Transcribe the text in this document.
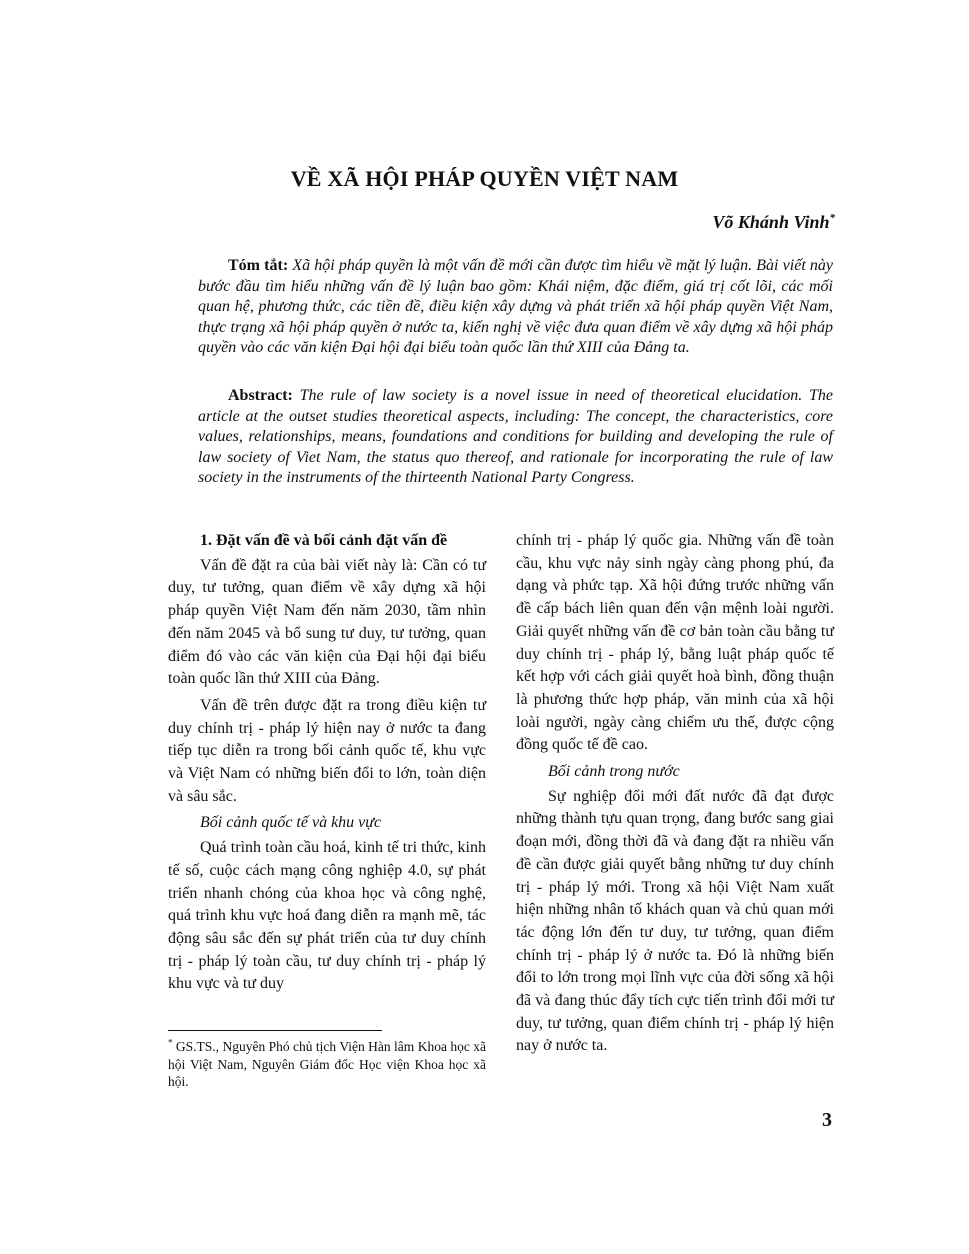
VỀ XÃ HỘI PHÁP QUYỀN VIỆT NAM
Võ Khánh Vinh*
Tóm tắt: Xã hội pháp quyền là một vấn đề mới cần được tìm hiểu về mặt lý luận. Bài viết này bước đầu tìm hiểu những vấn đề lý luận bao gồm: Khái niệm, đặc điểm, giá trị cốt lõi, các mối quan hệ, phương thức, các tiền đề, điều kiện xây dựng và phát triển xã hội pháp quyền Việt Nam, thực trạng xã hội pháp quyền ở nước ta, kiến nghị về việc đưa quan điểm về xây dựng xã hội pháp quyền vào các văn kiện Đại hội đại biểu toàn quốc lần thứ XIII của Đảng ta.
Abstract: The rule of law society is a novel issue in need of theoretical elucidation. The article at the outset studies theoretical aspects, including: The concept, the characteristics, core values, relationships, means, foundations and conditions for building and developing the rule of law society of Viet Nam, the status quo thereof, and rationale for incorporating the rule of law society in the instruments of the thirteenth National Party Congress.
1. Đặt vấn đề và bối cảnh đặt vấn đề

Vấn đề đặt ra của bài viết này là: Cần có tư duy, tư tưởng, quan điểm về xây dựng xã hội pháp quyền Việt Nam đến năm 2030, tầm nhìn đến năm 2045 và bổ sung tư duy, tư tưởng, quan điểm đó vào các văn kiện của Đại hội đại biểu toàn quốc lần thứ XIII của Đảng.

Vấn đề trên được đặt ra trong điều kiện tư duy chính trị - pháp lý hiện nay ở nước ta đang tiếp tục diễn ra trong bối cảnh quốc tế, khu vực và Việt Nam có những biến đổi to lớn, toàn diện và sâu sắc.

Bối cảnh quốc tế và khu vực

Quá trình toàn cầu hoá, kinh tế tri thức, kinh tế số, cuộc cách mạng công nghiệp 4.0, sự phát triển nhanh chóng của khoa học và công nghệ, quá trình khu vực hoá đang diễn ra mạnh mẽ, tác động sâu sắc đến sự phát triển của tư duy chính trị - pháp lý toàn cầu, tư duy chính trị - pháp lý khu vực và tư duy

chính trị - pháp lý quốc gia. Những vấn đề toàn cầu, khu vực nảy sinh ngày càng phong phú, đa dạng và phức tạp. Xã hội đứng trước những vấn đề cấp bách liên quan đến vận mệnh loài người. Giải quyết những vấn đề cơ bản toàn cầu bằng tư duy chính trị - pháp lý, bằng luật pháp quốc tế kết hợp với cách giải quyết hoà bình, đồng thuận là phương thức hợp pháp, văn minh của xã hội loài người, ngày càng chiếm ưu thế, được cộng đồng quốc tế đề cao.

Bối cảnh trong nước

Sự nghiệp đổi mới đất nước đã đạt được những thành tựu quan trọng, đang bước sang giai đoạn mới, đồng thời đã và đang đặt ra nhiều vấn đề cần được giải quyết bằng những tư duy chính trị - pháp lý mới. Trong xã hội Việt Nam xuất hiện những nhân tố khách quan và chủ quan mới tác động lớn đến tư duy, tư tưởng, quan điểm chính trị - pháp lý ở nước ta. Đó là những biến đổi to lớn trong mọi lĩnh vực của đời sống xã hội đã và đang thúc đẩy tích cực tiến trình đổi mới tư duy, tư tưởng, quan điểm chính trị - pháp lý hiện nay ở nước ta.

* GS.TS., Nguyên Phó chủ tịch Viện Hàn lâm Khoa học xã hội Việt Nam, Nguyên Giám đốc Học viện Khoa học xã hội.
3
